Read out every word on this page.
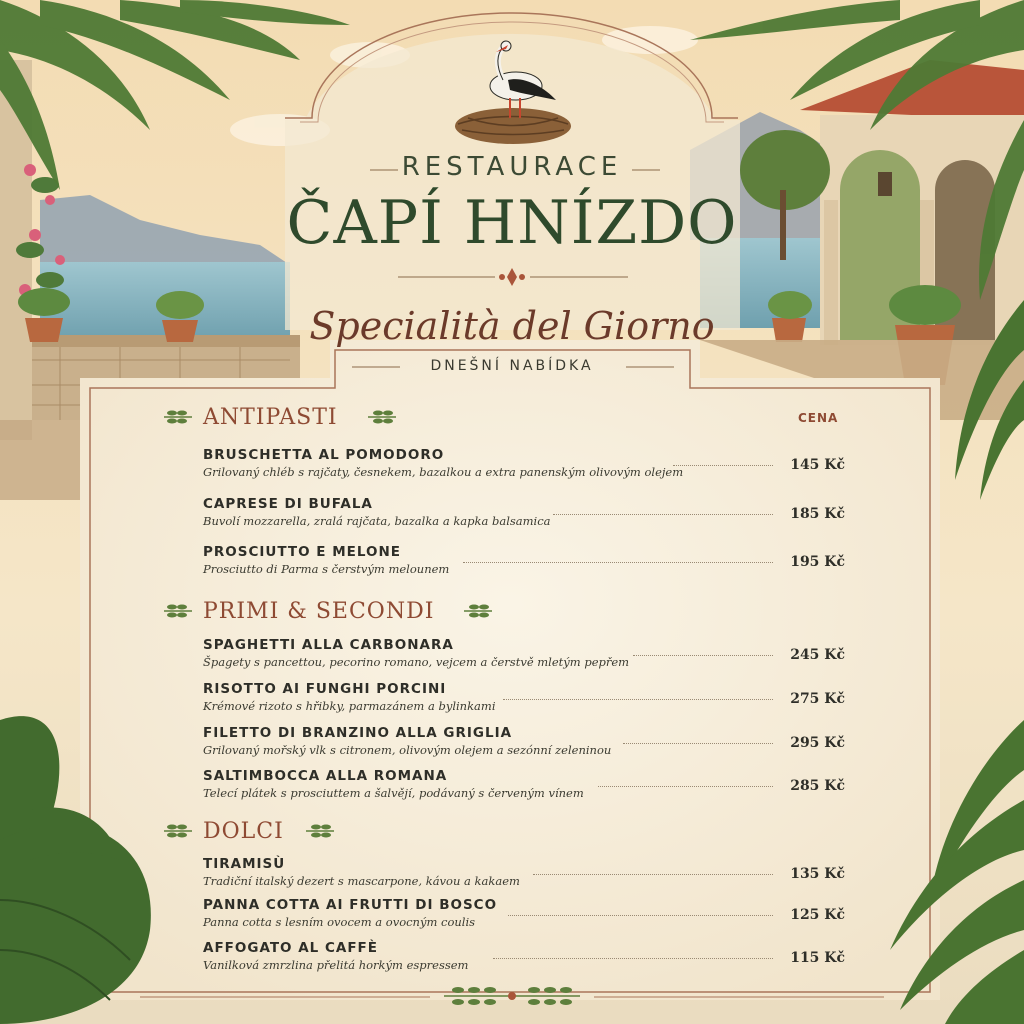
RESTAURACE
ČAPÍ HNÍZDO
Specialità del Giorno
DNEŠNÍ NABÍDKA
ANTIPASTI
PRIMI & SECONDI
DOLCI
CENA
BRUSCHETTA AL POMODORO
Grilovaný chléb s rajčaty, česnekem, bazalkou a extra panenským olivovým olejem	145 Kč
CAPRESE DI BUFALA
Buvolí mozzarella, zralá rajčata, bazalka a kapka balsamica	185 Kč
PROSCIUTTO E MELONE
Prosciutto di Parma s čerstvým melounem	195 Kč
SPAGHETTI ALLA CARBONARA
Špagety s pancettou, pecorino romano, vejcem a čerstvě mletým pepřem	245 Kč
RISOTTO AI FUNGHI PORCINI
Krémové rizoto s hřibky, parmazánem a bylinkami	275 Kč
FILETTO DI BRANZINO ALLA GRIGLIA
Grilovaný mořský vlk s citronem, olivovým olejem a sezónní zeleninou	295 Kč
SALTIMBOCCA ALLA ROMANA
Telecí plátek s prosciuttem a šalvějí, podávaný s červeným vínem	285 Kč
TIRAMISÙ
Tradiční italský dezert s mascarpone, kávou a kakaem	135 Kč
PANNA COTTA AI FRUTTI DI BOSCO
Panna cotta s lesním ovocem a ovocným coulis	125 Kč
AFFOGATO AL CAFFÈ
Vanilková zmrzlina přelitá horkým espressem	115 Kč
